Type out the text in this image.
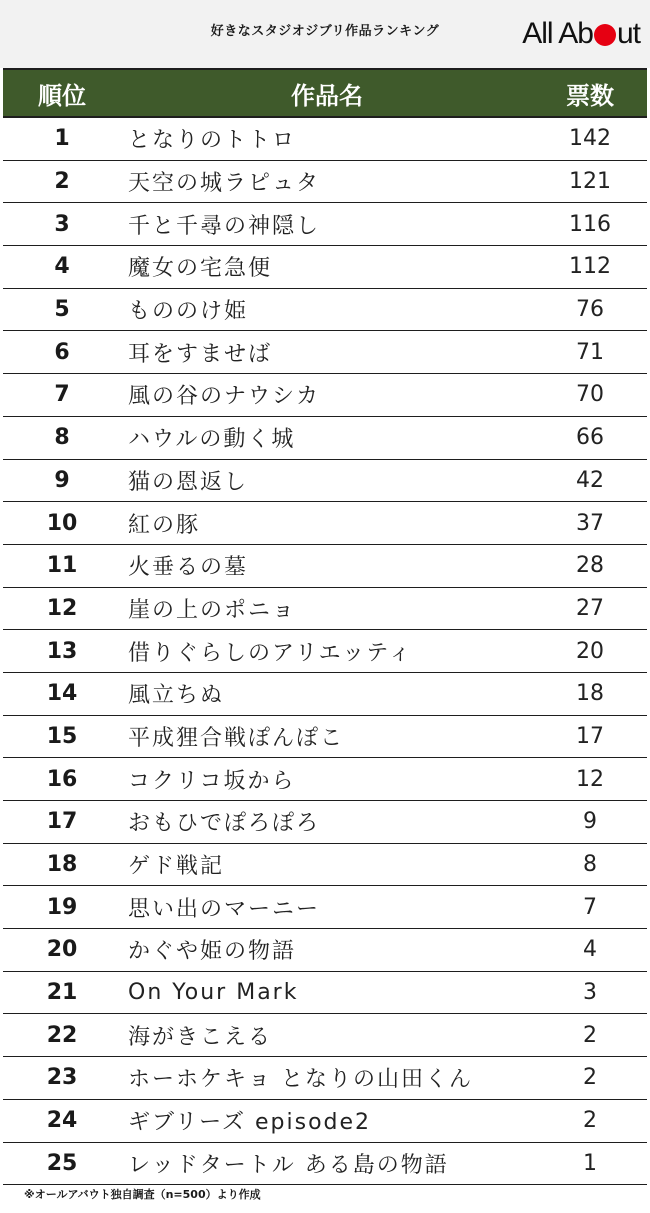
好きなスタジオジブリ作品ランキング	All Ab ut
順位	作品名	票数
1	となりのトトロ	142
2	天空の城ラピュタ	121
3	千と千尋の神隠し	116
4	魔女の宅急便	112
5	もののけ姫	76
6	耳をすませば	71
7	風の谷のナウシカ	70
8	ハウルの動く城	66
9	猫の恩返し	42
10	紅の豚	37
11	火垂るの墓	28
12	崖の上のポニョ	27
13	借りぐらしのアリエッティ	20
14	風立ちぬ	18
15	平成狸合戦ぽんぽこ	17
16	コクリコ坂から	12
17	おもひでぽろぽろ	9
18	ゲド戦記	8
19	思い出のマーニー	7
20	かぐや姫の物語	4
21	On Your Mark	3
22	海がきこえる	2
23	ホーホケキョ となりの山田くん	2
24	ギブリーズ episode2	2
25	レッドタートル ある島の物語	1
※オールアバウト独自調査（n=500）より作成
